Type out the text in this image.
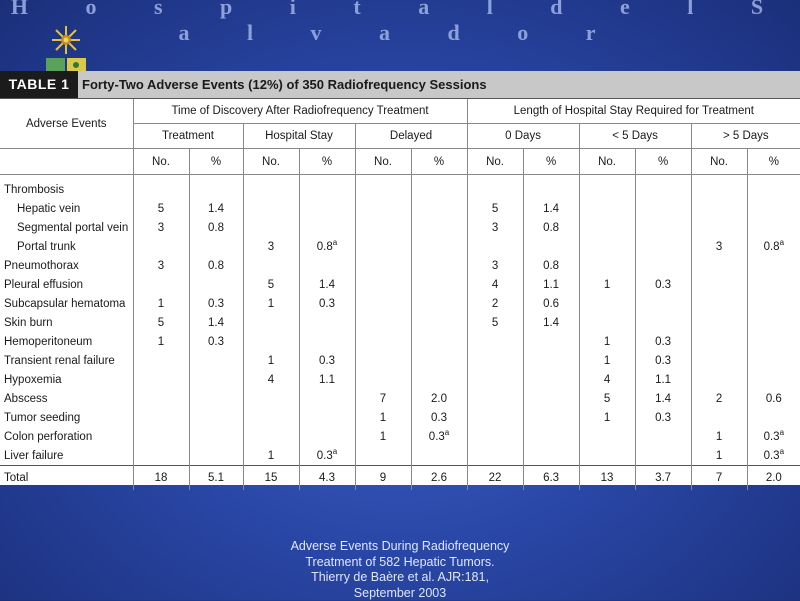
H o s p i t a l d e l S a l v a d o r
TABLE 1 Forty-Two Adverse Events (12%) of 350 Radiofrequency Sessions
Adverse Events	Time of Discovery After Radiofrequency Treatment						Length of Hospital Stay Required for Treatment					
	Treatment		Hospital Stay		Delayed		0 Days		< 5 Days		> 5 Days	
	No.	%	No.	%	No.	%	No.	%	No.	%	No.	%
Thrombosis												
Hepatic vein	5	1.4					5	1.4				
Segmental portal vein	3	0.8					3	0.8				
Portal trunk			3	0.8$^a$							3	0.8$^a$
Pneumothorax	3	0.8					3	0.8				
Pleural effusion			5	1.4			4	1.1	1	0.3		
Subcapsular hematoma	1	0.3	1	0.3			2	0.6				
Skin burn	5	1.4					5	1.4				
Hemoperitoneum	1	0.3							1	0.3		
Transient renal failure			1	0.3					1	0.3		
Hypoxemia			4	1.1					4	1.1		
Abscess					7	2.0			5	1.4	2	0.6
Tumor seeding					1	0.3			1	0.3		
Colon perforation					1	0.3$^a$					1	0.3$^a$
Liver failure			1	0.3$^a$							1	0.3$^a$
Total	18	5.1	15	4.3	9	2.6	22	6.3	13	3.7	7	2.0
Adverse Events During Radiofrequency
Treatment of 582 Hepatic Tumors.
Thierry de Baère et al. AJR:181,
September 2003
